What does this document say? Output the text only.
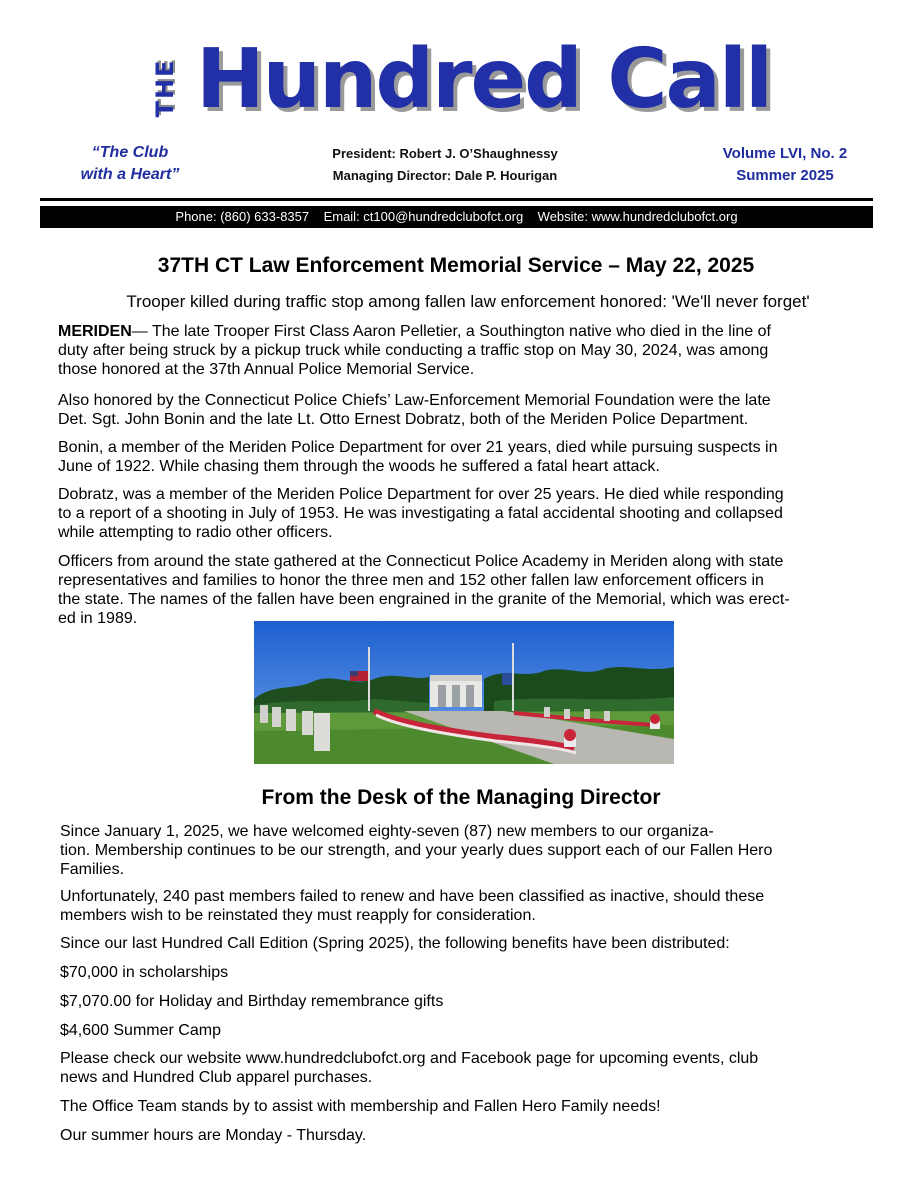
THE Hundred Call
“The Club
with a Heart”
President: Robert J. O’Shaughnessy
Managing Director: Dale P. Hourigan
Volume LVI, No. 2
Summer 2025
Phone: (860) 633-8357    Email: ct100@hundredclubofct.org    Website: www.hundredclubofct.org
37TH CT Law Enforcement Memorial Service – May 22, 2025

Trooper killed during traffic stop among fallen law enforcement honored: 'We'll never forget'

MERIDEN— The late Trooper First Class Aaron Pelletier, a Southington native who died in the line of
duty after being struck by a pickup truck while conducting a traffic stop on May 30, 2024, was among
those honored at the 37th Annual Police Memorial Service.
Also honored by the Connecticut Police Chiefs’ Law-Enforcement Memorial Foundation were the late
Det. Sgt. John Bonin and the late Lt. Otto Ernest Dobratz, both of the Meriden Police Department.
Bonin, a member of the Meriden Police Department for over 21 years, died while pursuing suspects in
June of 1922. While chasing them through the woods he suffered a fatal heart attack.
Dobratz, was a member of the Meriden Police Department for over 25 years. He died while responding
to a report of a shooting in July of 1953. He was investigating a fatal accidental shooting and collapsed
while attempting to radio other officers.
Officers from around the state gathered at the Connecticut Police Academy in Meriden along with state
representatives and families to honor the three men and 152 other fallen law enforcement officers in
the state. The names of the fallen have been engrained in the granite of the Memorial, which was erect-
ed in 1989.
From the Desk of the Managing Director
Since January 1, 2025, we have welcomed eighty-seven (87) new members to our organiza-
tion. Membership continues to be our strength, and your yearly dues support each of our Fallen Hero
Families.
Unfortunately, 240 past members failed to renew and have been classified as inactive, should these
members wish to be reinstated they must reapply for consideration.
Since our last Hundred Call Edition (Spring 2025), the following benefits have been distributed:
$70,000 in scholarships
$7,070.00 for Holiday and Birthday remembrance gifts
$4,600 Summer Camp
Please check our website www.hundredclubofct.org and Facebook page for upcoming events, club
news and Hundred Club apparel purchases.
The Office Team stands by to assist with membership and Fallen Hero Family needs!
Our summer hours are Monday - Thursday.
